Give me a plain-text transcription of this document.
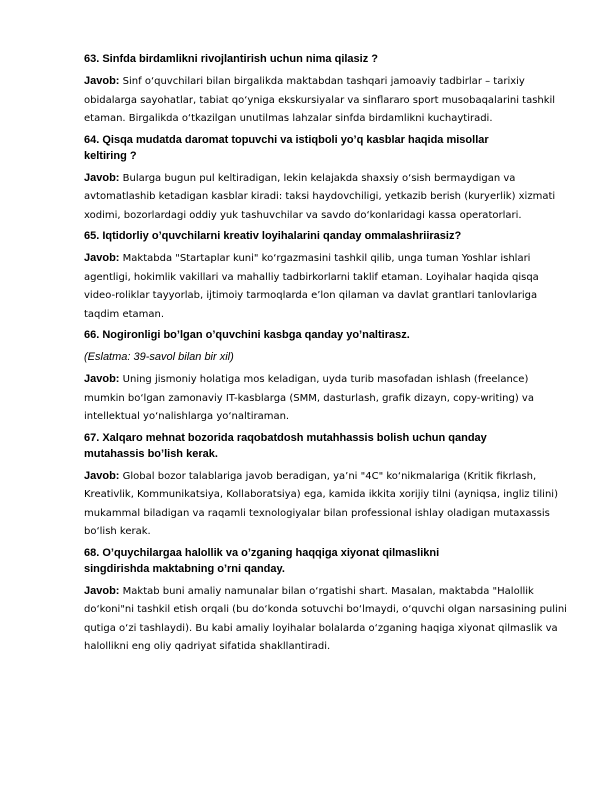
63. Sinfda birdamlikni rivojlantirish uchun nima qilasiz ?

Javob: Sinf o‘quvchilari bilan birgalikda maktabdan tashqari jamoaviy tadbirlar – tarixiy obidalarga sayohatlar, tabiat qo‘yniga ekskursiyalar va sinflararo sport musobaqalarini tashkil etaman. Birgalikda o‘tkazilgan unutilmas lahzalar sinfda birdamlikni kuchaytiradi.

64. Qisqa mudatda daromat topuvchi va istiqboli yo’q kasblar haqida misollar keltiring ?

Javob: Bularga bugun pul keltiradigan, lekin kelajakda shaxsiy o‘sish bermaydigan va avtomatlashib ketadigan kasblar kiradi: taksi haydovchiligi, yetkazib berish (kuryerlik) xizmati xodimi, bozorlardagi oddiy yuk tashuvchilar va savdo do‘konlaridagi kassa operatorlari.

65. Iqtidorliy o’quvchilarni kreativ loyihalarini qanday ommalashriirasiz?

Javob: Maktabda "Startaplar kuni" ko‘rgazmasini tashkil qilib, unga tuman Yoshlar ishlari agentligi, hokimlik vakillari va mahalliy tadbirkorlarni taklif etaman. Loyihalar haqida qisqa video-roliklar tayyorlab, ijtimoiy tarmoqlarda e’lon qilaman va davlat grantlari tanlovlariga taqdim etaman.

66. Nogironligi bo’lgan o’quvchini kasbga qanday yo’naltirasz.

(Eslatma: 39-savol bilan bir xil)

Javob: Uning jismoniy holatiga mos keladigan, uyda turib masofadan ishlash (freelance) mumkin bo‘lgan zamonaviy IT-kasblarga (SMM, dasturlash, grafik dizayn, copy-writing) va intellektual yo‘nalishlarga yo‘naltiraman.

67. Xalqaro mehnat bozorida raqobatdosh mutahhassis bolish uchun qanday mutahassis bo’lish kerak.

Javob: Global bozor talablariga javob beradigan, ya’ni "4C" ko‘nikmalariga (Kritik fikrlash, Kreativlik, Kommunikatsiya, Kollaboratsiya) ega, kamida ikkita xorijiy tilni (ayniqsa, ingliz tilini) mukammal biladigan va raqamli texnologiyalar bilan professional ishlay oladigan mutaxassis bo‘lish kerak.

68. O’quychilargaa halollik va o’zganing haqqiga xiyonat qilmaslikni singdirishda maktabning o’rni qanday.

Javob: Maktab buni amaliy namunalar bilan o‘rgatishi shart. Masalan, maktabda "Halollik do‘koni"ni tashkil etish orqali (bu do‘konda sotuvchi bo‘lmaydi, o‘quvchi olgan narsasining pulini qutiga o‘zi tashlaydi). Bu kabi amaliy loyihalar bolalarda o‘zganing haqiga xiyonat qilmaslik va halollikni eng oliy qadriyat sifatida shakllantiradi.
